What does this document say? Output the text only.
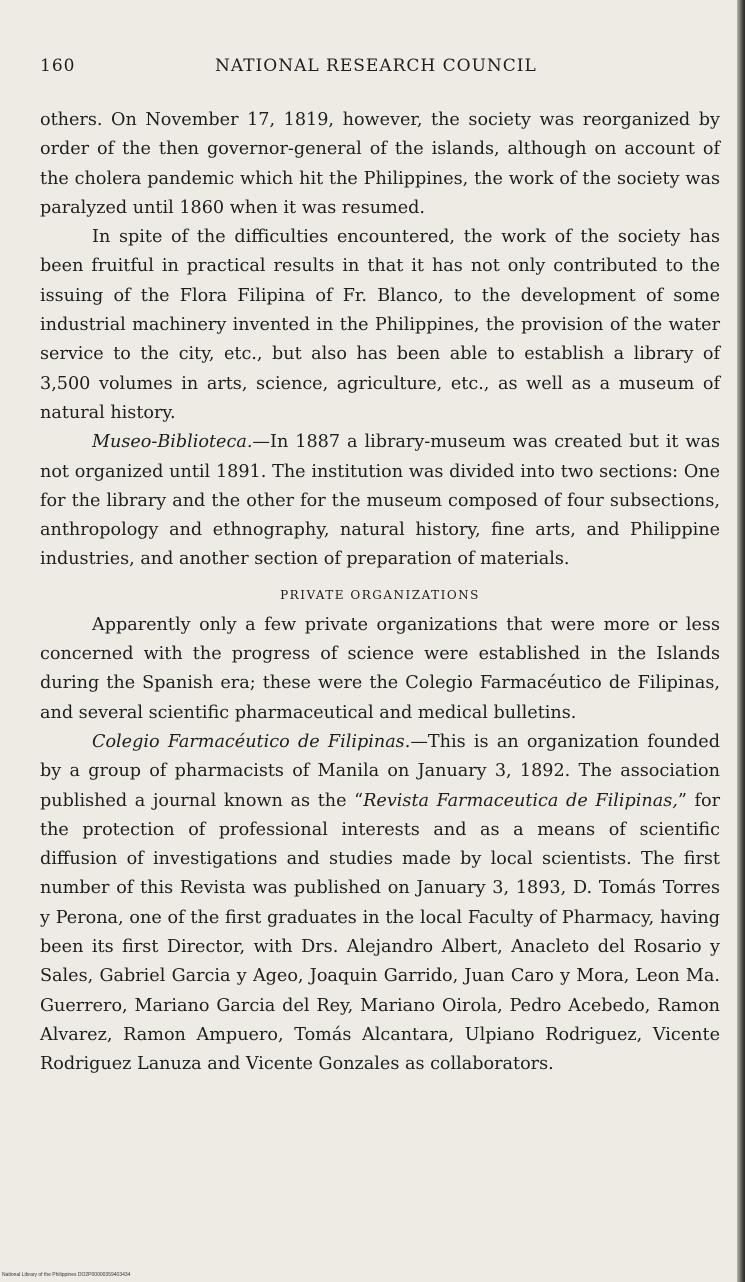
160	NATIONAL RESEARCH COUNCIL

others. On November 17, 1819, however, the society was reorganized by order of the then governor-general of the islands, although on account of the cholera pandemic which hit the Philippines, the work of the society was paralyzed until 1860 when it was resumed.

In spite of the difficulties encountered, the work of the society has been fruitful in practical results in that it has not only contributed to the issuing of the Flora Filipina of Fr. Blanco, to the development of some industrial machinery invented in the Philippines, the provision of the water service to the city, etc., but also has been able to establish a library of 3,500 volumes in arts, science, agriculture, etc., as well as a museum of natural history.

Museo-Biblioteca.—In 1887 a library-museum was created but it was not organized until 1891. The institution was divided into two sections: One for the library and the other for the museum composed of four subsections, anthropology and ethnography, natural history, fine arts, and Philippine industries, and another section of preparation of materials.

PRIVATE ORGANIZATIONS

Apparently only a few private organizations that were more or less concerned with the progress of science were established in the Islands during the Spanish era; these were the Colegio Farmacéutico de Filipinas, and several scientific pharmaceutical and medical bulletins.

Colegio Farmacéutico de Filipinas.—This is an organization founded by a group of pharmacists of Manila on January 3, 1892. The association published a journal known as the “Revista Farmaceutica de Filipinas,” for the protection of professional interests and as a means of scientific diffusion of investigations and studies made by local scientists. The first number of this Revista was published on January 3, 1893, D. Tomás Torres y Perona, one of the first graduates in the local Faculty of Pharmacy, having been its first Director, with Drs. Alejandro Albert, Anacleto del Rosario y Sales, Gabriel Garcia y Ageo, Joaquin Garrido, Juan Caro y Mora, Leon Ma. Guerrero, Mariano Garcia del Rey, Mariano Oirola, Pedro Acebedo, Ramon Alvarez, Ramon Ampuero, Tomás Alcantara, Ulpiano Rodriguez, Vicente Rodriguez Lanuza and Vicente Gonzales as collaborators.

National Library of the Philippines DO2P00000359403434
